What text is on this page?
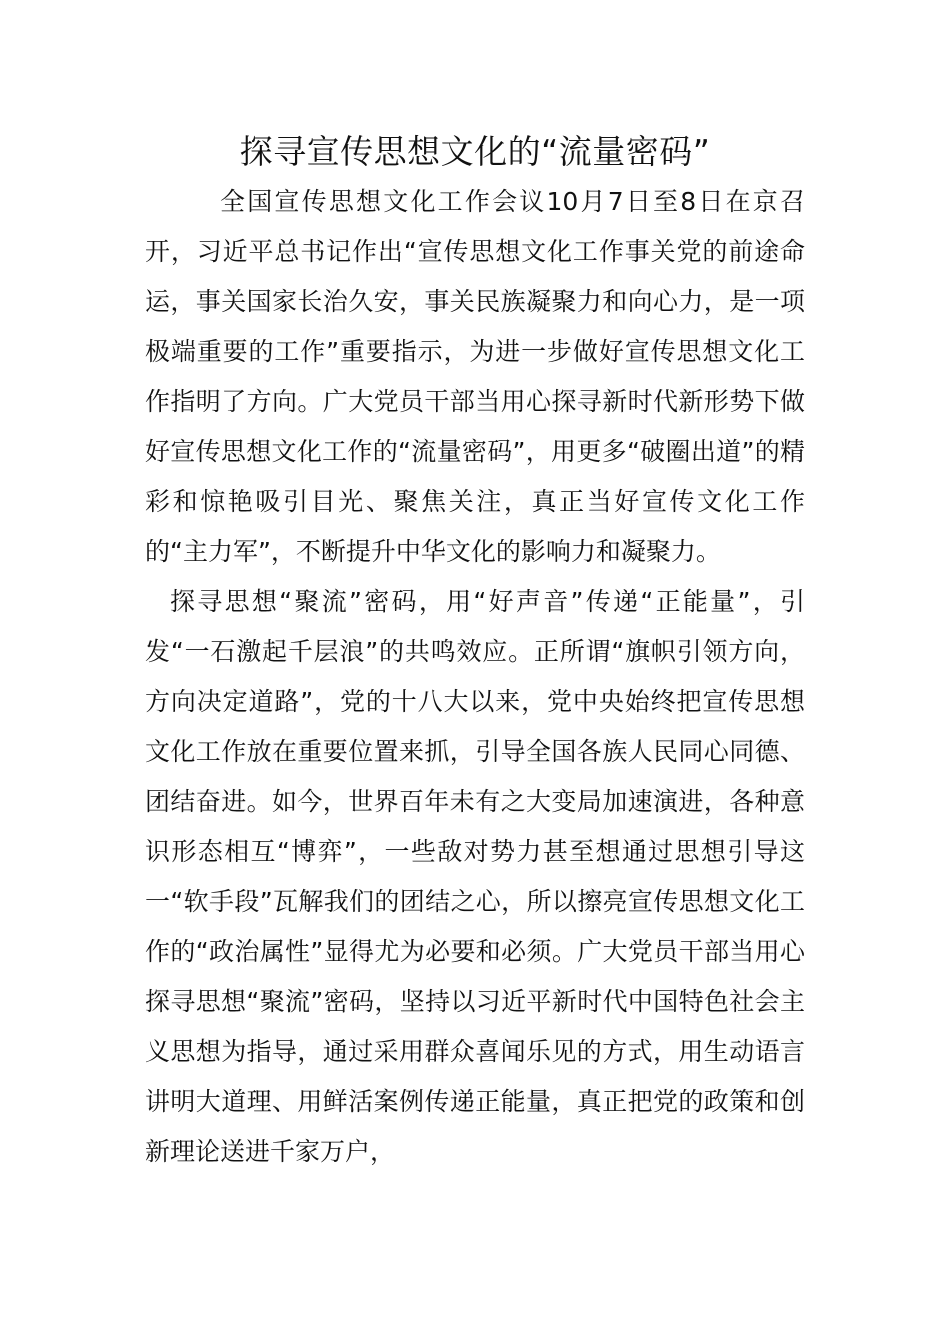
探寻宣传思想文化的“流量密码”

全国宣传思想文化工作会议10月7日至8日在京召开，习近平总书记作出“宣传思想文化工作事关党的前途命运，事关国家长治久安，事关民族凝聚力和向心力，是一项极端重要的工作”重要指示，为进一步做好宣传思想文化工作指明了方向。广大党员干部当用心探寻新时代新形势下做好宣传思想文化工作的“流量密码”，用更多“破圈出道”的精彩和惊艳吸引目光、聚焦关注，真正当好宣传文化工作的“主力军”，不断提升中华文化的影响力和凝聚力。

探寻思想“聚流”密码，用“好声音”传递“正能量”，引发“一石激起千层浪”的共鸣效应。正所谓“旗帜引领方向，方向决定道路”，党的十八大以来，党中央始终把宣传思想文化工作放在重要位置来抓，引导全国各族人民同心同德、团结奋进。如今，世界百年未有之大变局加速演进，各种意识形态相互“博弈”，一些敌对势力甚至想通过思想引导这一“软手段”瓦解我们的团结之心，所以擦亮宣传思想文化工作的“政治属性”显得尤为必要和必须。广大党员干部当用心探寻思想“聚流”密码，坚持以习近平新时代中国特色社会主义思想为指导，通过采用群众喜闻乐见的方式，用生动语言讲明大道理、用鲜活案例传递正能量，真正把党的政策和创新理论送进千家万户，
